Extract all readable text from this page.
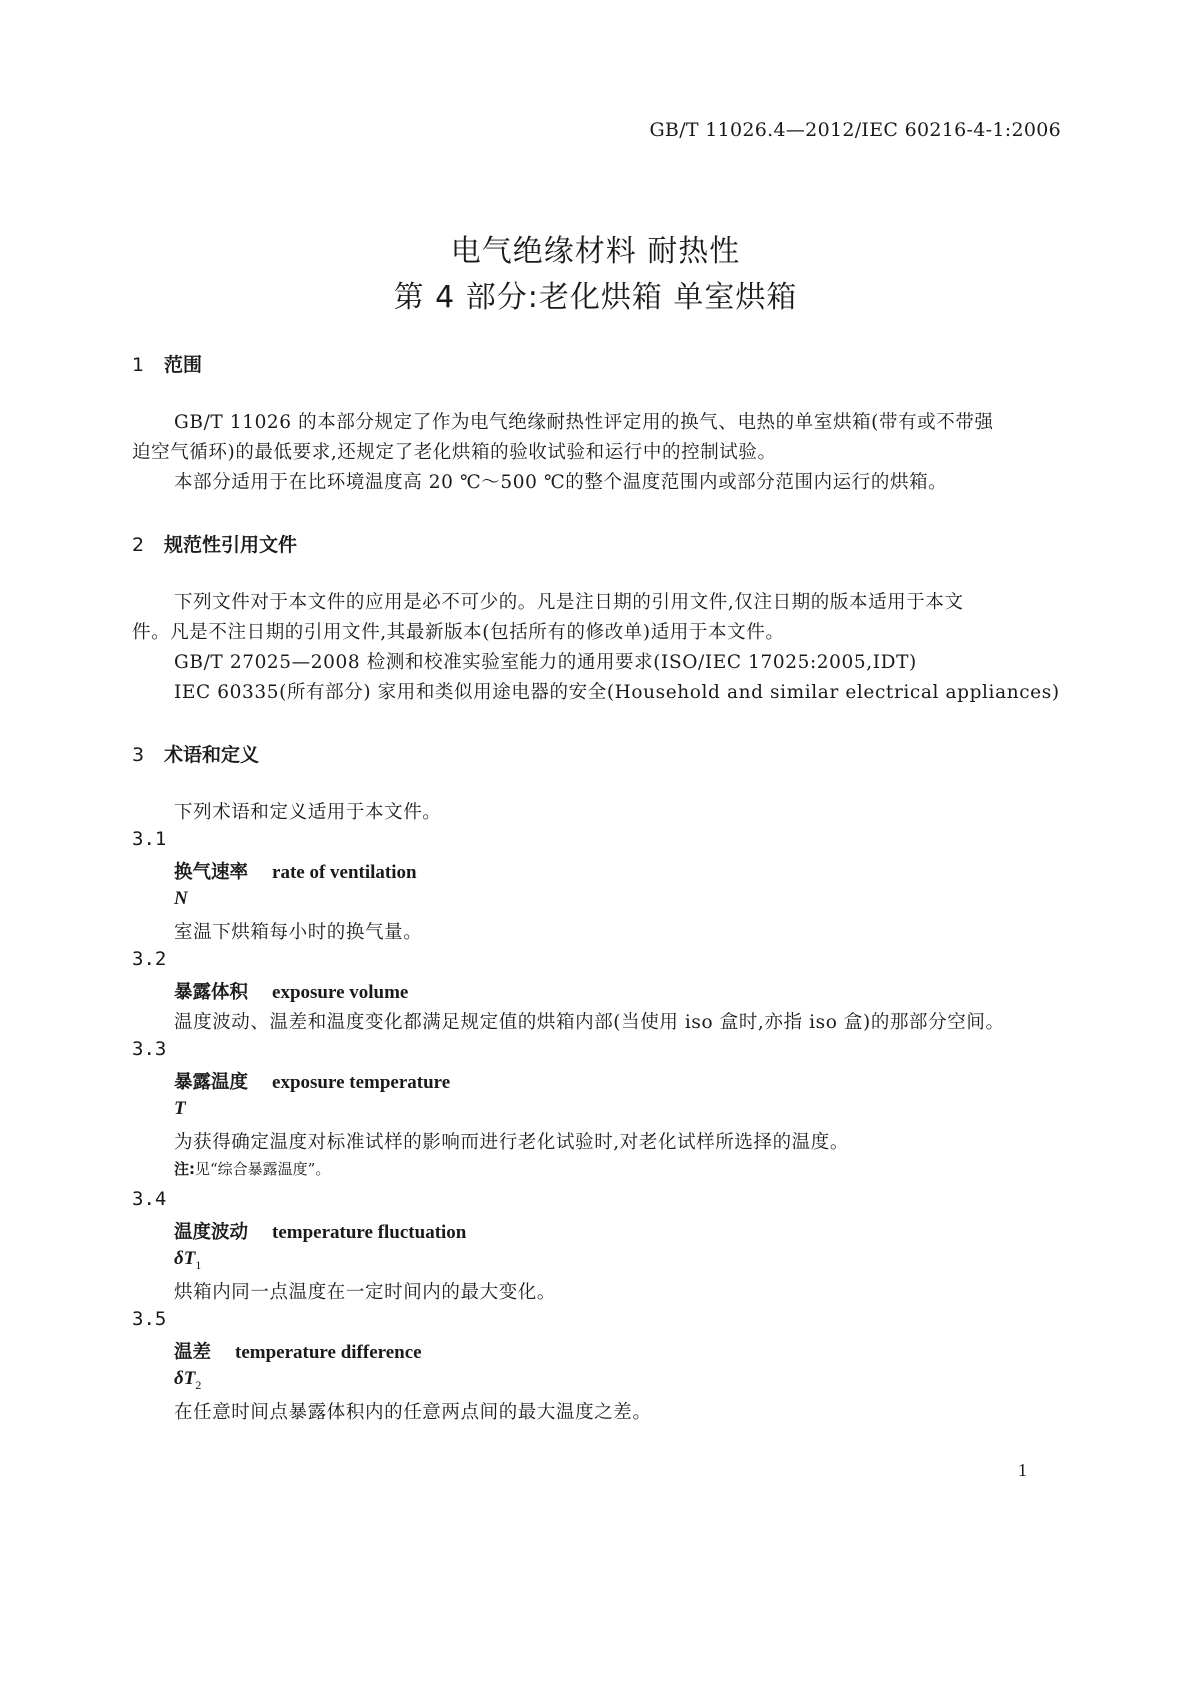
GB/T 11026.4—2012/IEC 60216-4-1:2006
电气绝缘材料 耐热性
第 4 部分:老化烘箱 单室烘箱
1 范围
GB/T 11026 的本部分规定了作为电气绝缘耐热性评定用的换气、电热的单室烘箱(带有或不带强
迫空气循环)的最低要求,还规定了老化烘箱的验收试验和运行中的控制试验。
本部分适用于在比环境温度高 20 ℃～500 ℃的整个温度范围内或部分范围内运行的烘箱。
2 规范性引用文件
下列文件对于本文件的应用是必不可少的。凡是注日期的引用文件,仅注日期的版本适用于本文
件。凡是不注日期的引用文件,其最新版本(包括所有的修改单)适用于本文件。
GB/T 27025—2008 检测和校准实验室能力的通用要求(ISO/IEC 17025:2005,IDT)
IEC 60335(所有部分) 家用和类似用途电器的安全(Household and similar electrical appliances)
3 术语和定义
下列术语和定义适用于本文件。
3.1
换气速率 rate of ventilation
N
室温下烘箱每小时的换气量。
3.2
暴露体积 exposure volume
温度波动、温差和温度变化都满足规定值的烘箱内部(当使用 iso 盒时,亦指 iso 盒)的那部分空间。
3.3
暴露温度 exposure temperature
T
为获得确定温度对标准试样的影响而进行老化试验时,对老化试样所选择的温度。
注:见“综合暴露温度”。
3.4
温度波动 temperature fluctuation
$\delta T_1$
烘箱内同一点温度在一定时间内的最大变化。
3.5
温差 temperature difference
$\delta T_2$
在任意时间点暴露体积内的任意两点间的最大温度之差。
1
